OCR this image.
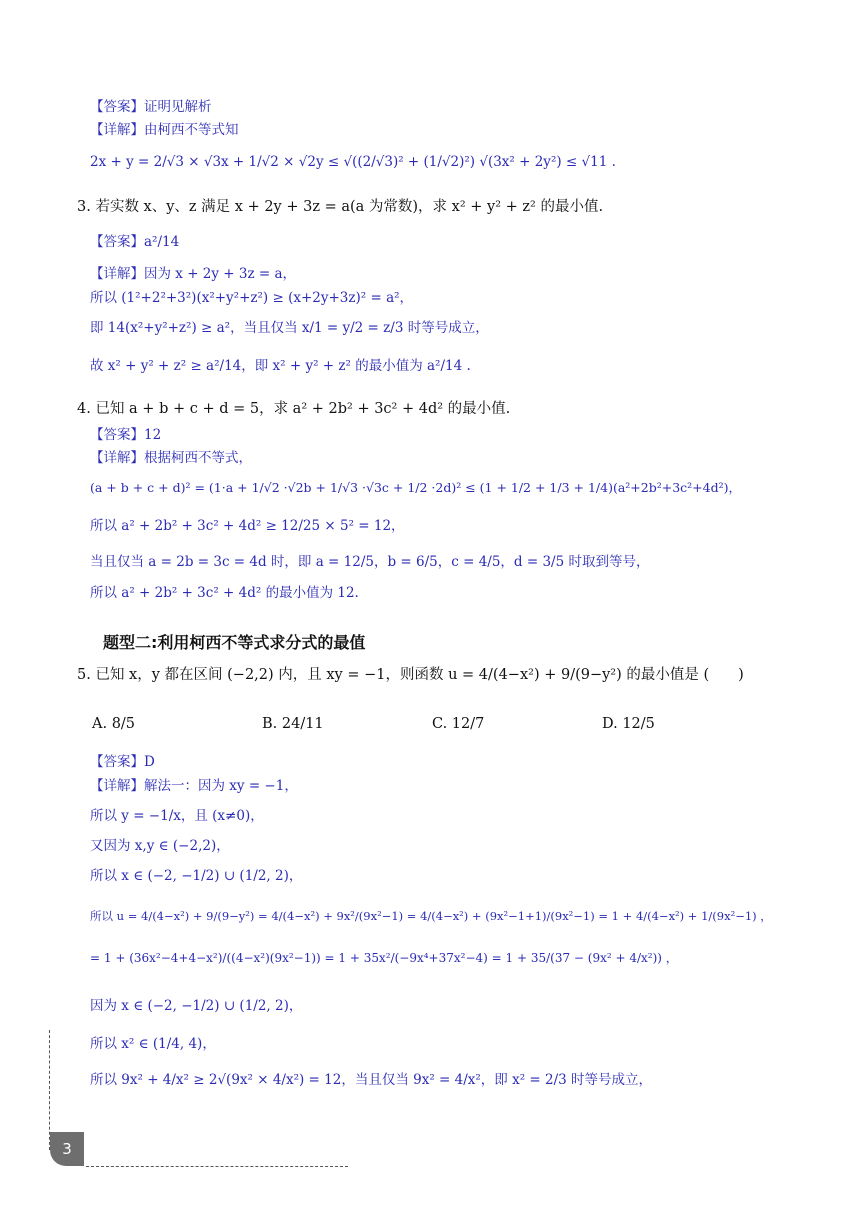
【答案】证明见解析
【详解】由柯西不等式知
2x + y = 2/√3 × √3x + 1/√2 × √2y ≤ √((2/√3)² + (1/√2)²) √(3x² + 2y²) ≤ √11 .
3. 若实数 x、y、z 满足 x + 2y + 3z = a(a 为常数)，求 x² + y² + z² 的最小值.
【答案】a²/14
【详解】因为 x + 2y + 3z = a，
所以 (1²+2²+3²)(x²+y²+z²) ≥ (x+2y+3z)² = a²，
即 14(x²+y²+z²) ≥ a²，当且仅当 x/1 = y/2 = z/3 时等号成立，
故 x² + y² + z² ≥ a²/14，即 x² + y² + z² 的最小值为 a²/14 .
4. 已知 a + b + c + d = 5，求 a² + 2b² + 3c² + 4d² 的最小值.
【答案】12
【详解】根据柯西不等式，
(a + b + c + d)² = (1·a + 1/√2 ·√2b + 1/√3 ·√3c + 1/2 ·2d)² ≤ (1 + 1/2 + 1/3 + 1/4)(a²+2b²+3c²+4d²)，
所以 a² + 2b² + 3c² + 4d² ≥ 12/25 × 5² = 12，
当且仅当 a = 2b = 3c = 4d 时，即 a = 12/5，b = 6/5，c = 4/5，d = 3/5 时取到等号，
所以 a² + 2b² + 3c² + 4d² 的最小值为 12.
题型二:利用柯西不等式求分式的最值
5. 已知 x，y 都在区间 (−2,2) 内，且 xy = −1，则函数 u = 4/(4−x²) + 9/(9−y²) 的最小值是 (　　)
A. 8/5	B. 24/11	C. 12/7	D. 12/5
【答案】D
【详解】解法一：因为 xy = −1，
所以 y = −1/x，且 (x≠0)，
又因为 x,y ∈ (−2,2)，
所以 x ∈ (−2, −1/2) ∪ (1/2, 2)，
所以 u = 4/(4−x²) + 9/(9−y²) = 4/(4−x²) + 9x²/(9x²−1) = 4/(4−x²) + (9x²−1+1)/(9x²−1) = 1 + 4/(4−x²) + 1/(9x²−1) ，
= 1 + (36x²−4+4−x²)/((4−x²)(9x²−1)) = 1 + 35x²/(−9x⁴+37x²−4) = 1 + 35/(37 − (9x² + 4/x²)) ，
因为 x ∈ (−2, −1/2) ∪ (1/2, 2)，
所以 x² ∈ (1/4, 4)，
所以 9x² + 4/x² ≥ 2√(9x² × 4/x²) = 12，当且仅当 9x² = 4/x²，即 x² = 2/3 时等号成立，
3
